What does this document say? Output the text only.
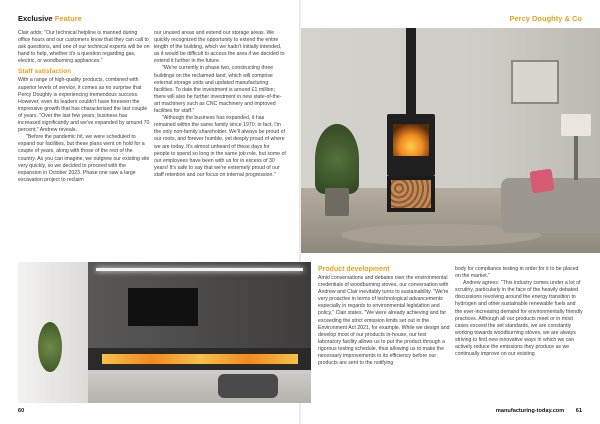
Exclusive Feature	Percy Doughty & Co

Clair adds: "Our technical helpline is manned during office hours and our customers know that they can call to ask questions, and one of our technical experts will be on hand to help, whether it's a question regarding gas, electric, or woodburning appliances."

Staff satisfaction

With a range of high-quality products, combined with superior levels of service, it comes as no surprise that Percy Doughty is experiencing tremendous success. However, even its leaders couldn't have foreseen the impressive growth that has characterised the last couple of years. "Over the last few years, business has increased significantly and we've expanded by around 70 percent," Andrew reveals.

"Before the pandemic hit, we were scheduled to expand our facilities, but these plans went on hold for a couple of years, along with those of the rest of the country. As you can imagine, we outgrew our existing site very quickly, so we decided to proceed with the expansion in October 2023. Phase one saw a large excavation project to reclaim

our unused areas and extend our storage areas. We quickly recognized the opportunity to extend the entire length of the building, which we hadn't initially intended, as it would be difficult to access the area if we decided to extend it further in the future.

"We're currently in phase two, constructing three buildings on the reclaimed land, which will comprise external storage units and updated manufacturing facilities. To date the investment is around £1 million; there will also be further investment in new state-of-the-art machinery such as CNC machinery and improved facilities for staff."

"Although the business has expanded, it has remained within the same family since 1970; in fact, I'm the only non-family shareholder. We'll always be proud of our roots, and forever humble, yet deeply proud of where we are today. It's almost unheard of these days for people to spend so long in the same job role, but some of our employees have been with us for in excess of 30 years! It's safe to say that we're extremely proud of our staff retention and our focus on internal progression."

Product development

Amid conversations and debates over the environmental credentials of woodburning stoves, our conversation with Andrew and Clair inevitably turns to sustainability. "We're very proactive in terms of technological advancements especially in regards to environmental legislation and policy," Clair states. "We were already achieving and far exceeding the strict emission limits set out in the Environment Act 2021, for example. While we design and develop most of our products in-house, our test laboratory facility allows us to put the product through a rigorous testing schedule, thus allowing us to make the necessary improvements to its efficiency before our products are sent to the notifying

body for compliance testing in order for it to be placed on the market."

Andrew agrees: "This industry comes under a lot of scrutiny, particularly in the face of the heavily debated discussions revolving around the energy transition to hydrogen and other sustainable renewable fuels and the ever-increasing demand for environmentally friendly practices. Although all our products meet or in most cases exceed the set standards, we are constantly working towards woodburning stoves, we are always striving to find new innovative ways in which we can actively reduce the emissions they produce as we continually improve on our existing

60	manufacturing-today.com 61
